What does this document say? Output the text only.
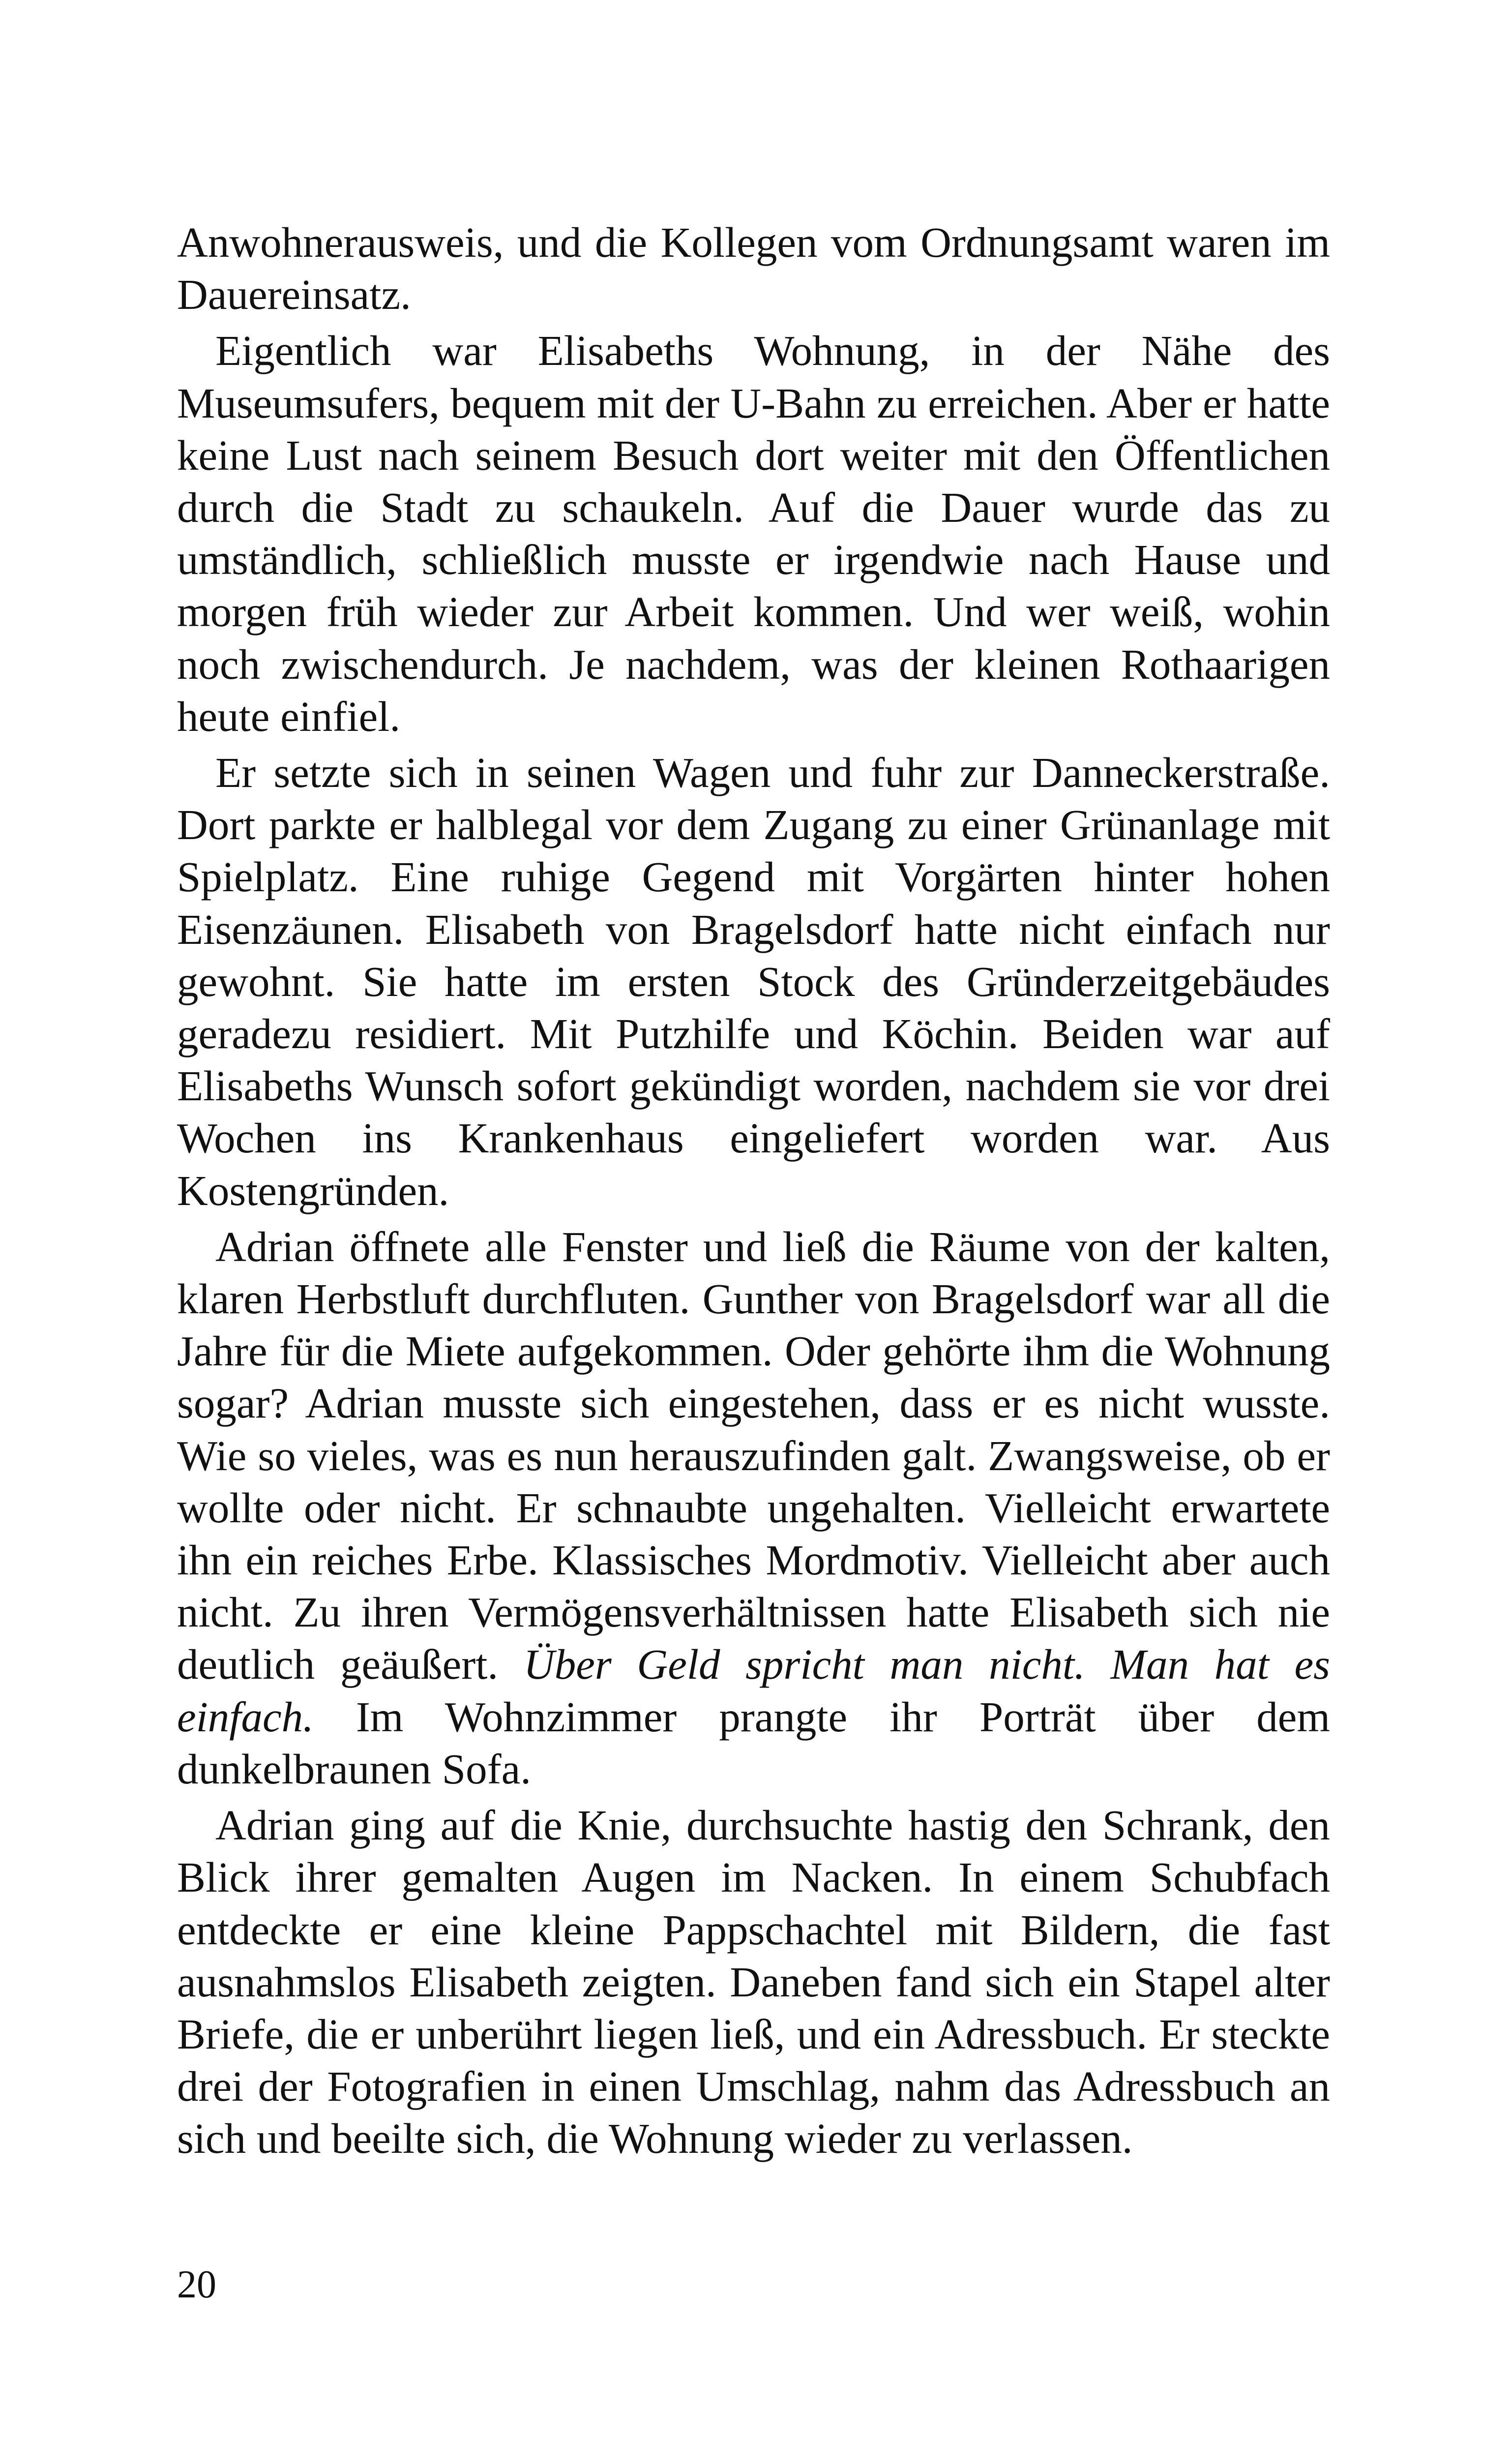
Anwohnerausweis, und die Kollegen vom Ordnungsamt waren im Dauereinsatz.

Eigentlich war Elisabeths Wohnung, in der Nähe des Museumsufers, bequem mit der U-Bahn zu erreichen. Aber er hatte keine Lust nach seinem Besuch dort weiter mit den Öffentlichen durch die Stadt zu schaukeln. Auf die Dauer wurde das zu umständlich, schließlich musste er irgendwie nach Hause und morgen früh wieder zur Arbeit kommen. Und wer weiß, wohin noch zwischendurch. Je nachdem, was der kleinen Rothaarigen heute einfiel.

Er setzte sich in seinen Wagen und fuhr zur Danneckerstraße. Dort parkte er halblegal vor dem Zugang zu einer Grünanlage mit Spielplatz. Eine ruhige Gegend mit Vorgärten hinter hohen Eisenzäunen. Elisabeth von Bragelsdorf hatte nicht einfach nur gewohnt. Sie hatte im ersten Stock des Gründerzeitgebäudes geradezu residiert. Mit Putzhilfe und Köchin. Beiden war auf Elisabeths Wunsch sofort gekündigt worden, nachdem sie vor drei Wochen ins Krankenhaus eingeliefert worden war. Aus Kostengründen.

Adrian öffnete alle Fenster und ließ die Räume von der kalten, klaren Herbstluft durchfluten. Gunther von Bragelsdorf war all die Jahre für die Miete aufgekommen. Oder gehörte ihm die Wohnung sogar? Adrian musste sich eingestehen, dass er es nicht wusste. Wie so vieles, was es nun herauszufinden galt. Zwangsweise, ob er wollte oder nicht. Er schnaubte ungehalten. Vielleicht erwartete ihn ein reiches Erbe. Klassisches Mordmotiv. Vielleicht aber auch nicht. Zu ihren Vermögensverhältnissen hatte Elisabeth sich nie deutlich geäußert. Über Geld spricht man nicht. Man hat es einfach. Im Wohnzimmer prangte ihr Porträt über dem dunkelbraunen Sofa.

Adrian ging auf die Knie, durchsuchte hastig den Schrank, den Blick ihrer gemalten Augen im Nacken. In einem Schubfach entdeckte er eine kleine Pappschachtel mit Bildern, die fast ausnahmslos Elisabeth zeigten. Daneben fand sich ein Stapel alter Briefe, die er unberührt liegen ließ, und ein Adressbuch. Er steckte drei der Fotografien in einen Umschlag, nahm das Adressbuch an sich und beeilte sich, die Wohnung wieder zu verlassen.

20
